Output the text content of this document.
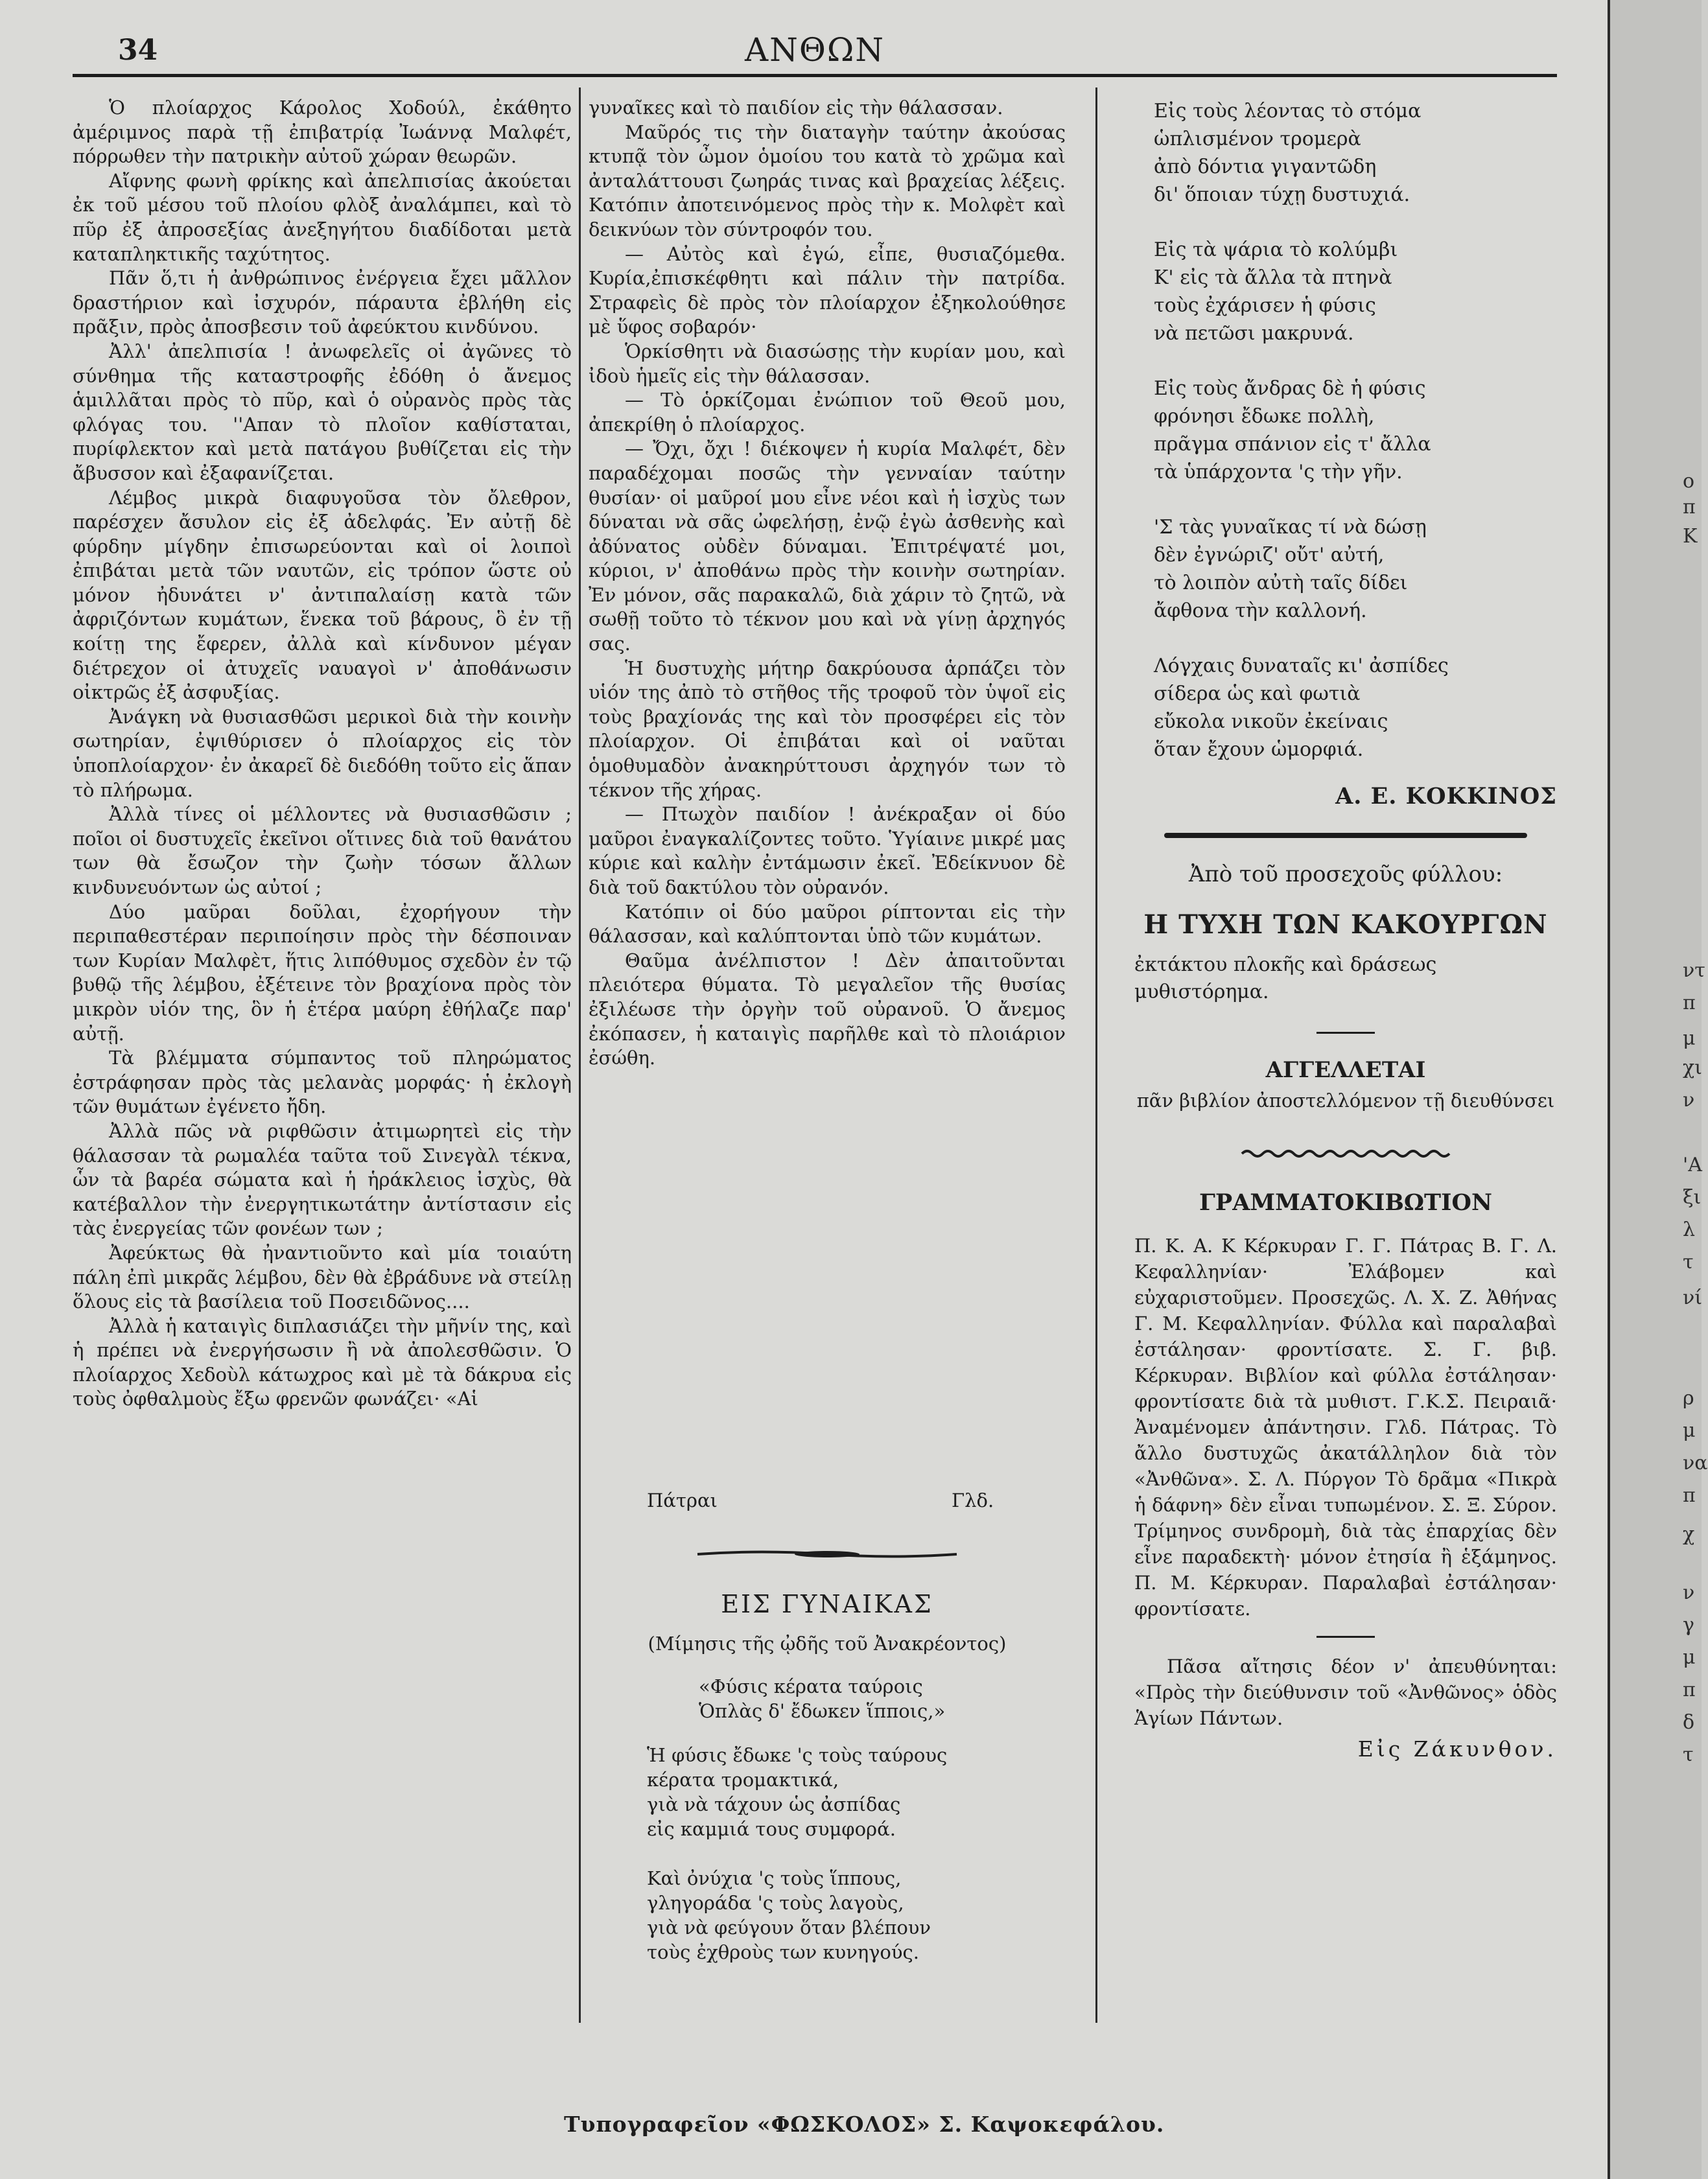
ο
π
Κ
ντ
π
μ
χι
ν
'Α
ξι
λ
τ
νί
ρ
μ
να
π
χ
ν
γ
μ
π
δ
τ
34	ΑΝΘΩΝ

Ὁ πλοίαρχος Κάρολος Χοδούλ, ἐκάθητο ἀμέριμνος παρὰ τῇ ἐπιβατρίᾳ Ἰωάννᾳ Μαλφέτ, πόρρωθεν τὴν πατρικὴν αὐτοῦ χώραν θεωρῶν.

Αἴφνης φωνὴ φρίκης καὶ ἀπελπισίας ἀκούεται ἐκ τοῦ μέσου τοῦ πλοίου φλὸξ ἀναλάμπει, καὶ τὸ πῦρ ἐξ ἀπροσεξίας ἀνεξηγήτου διαδίδοται μετὰ καταπληκτικῆς ταχύτητος.

Πᾶν ὅ,τι ἡ ἀνθρώπινος ἐνέργεια ἔχει μᾶλλον δραστήριον καὶ ἰσχυρόν, πάραυτα ἐβλήθη εἰς πρᾶξιν, πρὸς ἀποσβεσιν τοῦ ἀφεύκτου κινδύνου.

Ἀλλ' ἀπελπισία ! ἀνωφελεῖς οἱ ἀγῶνες τὸ σύνθημα τῆς καταστροφῆς ἐδόθη ὁ ἄνεμος ἁμιλλᾶται πρὸς τὸ πῦρ, καὶ ὁ οὐρανὸς πρὸς τὰς φλόγας του. ''Απαν τὸ πλοῖον καθίσταται, πυρίφλεκτον καὶ μετὰ πατάγου βυθίζεται εἰς τὴν ἄβυσσον καὶ ἐξαφανίζεται.

Λέμβος μικρὰ διαφυγοῦσα τὸν ὄλεθρον, παρέσχεν ἄσυλον εἰς ἐξ ἀδελφάς. Ἐν αὐτῇ δὲ φύρδην μίγδην ἐπισωρεύονται καὶ οἱ λοιποὶ ἐπιβάται μετὰ τῶν ναυτῶν, εἰς τρόπον ὥστε οὐ μόνον ἠδυνάτει ν' ἀντιπαλαίσῃ κατὰ τῶν ἀφριζόντων κυμάτων, ἕνεκα τοῦ βάρους, ὃ ἐν τῇ κοίτῃ της ἔφερεν, ἀλλὰ καὶ κίνδυνον μέγαν διέτρεχον οἱ ἀτυχεῖς ναυαγοὶ ν' ἀποθάνωσιν οἰκτρῶς ἐξ ἀσφυξίας.

Ἀνάγκη νὰ θυσιασθῶσι μερικοὶ διὰ τὴν κοινὴν σωτηρίαν, ἐψιθύρισεν ὁ πλοίαρχος εἰς τὸν ὑποπλοίαρχον· ἐν ἀκαρεῖ δὲ διεδόθη τοῦτο εἰς ἅπαν τὸ πλήρωμα.

Ἀλλὰ τίνες οἱ μέλλοντες νὰ θυσιασθῶσιν ; ποῖοι οἱ δυστυχεῖς ἐκεῖνοι οἵτινες διὰ τοῦ θανάτου των θὰ ἔσωζον τὴν ζωὴν τόσων ἄλλων κινδυνευόντων ὡς αὐτοί ;

Δύο μαῦραι δοῦλαι, ἐχορήγουν τὴν περιπαθεστέραν περιποίησιν πρὸς τὴν δέσποιναν των Κυρίαν Μαλφὲτ, ἥτις λιπόθυμος σχεδὸν ἐν τῷ βυθῷ τῆς λέμβου, ἐξέτεινε τὸν βραχίονα πρὸς τὸν μικρὸν υἱόν της, ὃν ἡ ἑτέρα μαύρη ἐθήλαζε παρ' αὐτῇ.

Τὰ βλέμματα σύμπαντος τοῦ πληρώματος ἐστράφησαν πρὸς τὰς μελανὰς μορφάς· ἡ ἐκλογὴ τῶν θυμάτων ἐγένετο ἤδη.

Ἀλλὰ πῶς νὰ ριφθῶσιν ἀτιμωρητεὶ εἰς τὴν θάλασσαν τὰ ρωμαλέα ταῦτα τοῦ Σινεγὰλ τέκνα, ὧν τὰ βαρέα σώματα καὶ ἡ ἡράκλειος ἰσχὺς, θὰ κατέβαλλον τὴν ἐνεργητικωτάτην ἀντίστασιν εἰς τὰς ἐνεργείας τῶν φονέων των ;

Ἀφεύκτως θὰ ἠναντιοῦντο καὶ μία τοιαύτη πάλη ἐπὶ μικρᾶς λέμβου, δὲν θὰ ἐβράδυνε νὰ στείλῃ ὅλους εἰς τὰ βασίλεια τοῦ Ποσειδῶνος....

Ἀλλὰ ἡ καταιγὶς διπλασιάζει τὴν μῆνίν της, καὶ ἡ πρέπει νὰ ἐνεργήσωσιν ἢ νὰ ἀπολεσθῶσιν. Ὁ πλοίαρχος Χεδοὺλ κάτωχρος καὶ μὲ τὰ δάκρυα εἰς τοὺς ὀφθαλμοὺς ἔξω φρενῶν φωνάζει· «Αἱ

γυναῖκες καὶ τὸ παιδίον εἰς τὴν θάλασσαν.

Μαῦρός τις τὴν διαταγὴν ταύτην ἀκούσας κτυπᾷ τὸν ὦμον ὁμοίου του κατὰ τὸ χρῶμα καὶ ἀνταλάττουσι ζωηράς τινας καὶ βραχείας λέξεις. Κατόπιν ἀποτεινόμενος πρὸς τὴν κ. Μολφὲτ καὶ δεικνύων τὸν σύντροφόν του.

— Αὐτὸς καὶ ἐγώ, εἶπε, θυσιαζόμεθα. Κυρία,ἐπισκέφθητι καὶ πάλιν τὴν πατρίδα. Στραφεὶς δὲ πρὸς τὸν πλοίαρχον ἐξηκολούθησε μὲ ὕφος σοβαρόν·

Ὁρκίσθητι νὰ διασώσῃς τὴν κυρίαν μου, καὶ ἰδοὺ ἡμεῖς εἰς τὴν θάλασσαν.

— Τὸ ὁρκίζομαι ἐνώπιον τοῦ Θεοῦ μου, ἀπεκρίθη ὁ πλοίαρχος.

— Ὄχι, ὄχι ! διέκοψεν ἡ κυρία Μαλφέτ, δὲν παραδέχομαι ποσῶς τὴν γενναίαν ταύτην θυσίαν· οἱ μαῦροί μου εἶνε νέοι καὶ ἡ ἰσχὺς των δύναται νὰ σᾶς ὠφελήσῃ, ἐνῷ ἐγὼ ἀσθενὴς καὶ ἀδύνατος οὐδὲν δύναμαι. Ἐπιτρέψατέ μοι, κύριοι, ν' ἀποθάνω πρὸς τὴν κοινὴν σωτηρίαν. Ἐν μόνον, σᾶς παρακαλῶ, διὰ χάριν τὸ ζητῶ, νὰ σωθῇ τοῦτο τὸ τέκνον μου καὶ νὰ γίνῃ ἀρχηγός σας.

Ἡ δυστυχὴς μήτηρ δακρύουσα ἁρπάζει τὸν υἱόν της ἀπὸ τὸ στῆθος τῆς τροφοῦ τὸν ὑψοῖ εἰς τοὺς βραχίονάς της καὶ τὸν προσφέρει εἰς τὸν πλοίαρχον. Οἱ ἐπιβάται καὶ οἱ ναῦται ὁμοθυμαδὸν ἀνακηρύττουσι ἀρχηγόν των τὸ τέκνον τῆς χήρας.

— Πτωχὸν παιδίον ! ἀνέκραξαν οἱ δύο μαῦροι ἐναγκαλίζοντες τοῦτο. Ὑγίαινε μικρέ μας κύριε καὶ καλὴν ἐντάμωσιν ἐκεῖ. Ἐδείκνυον δὲ διὰ τοῦ δακτύλου τὸν οὐρανόν.

Κατόπιν οἱ δύο μαῦροι ρίπτονται εἰς τὴν θάλασσαν, καὶ καλύπτονται ὑπὸ τῶν κυμάτων.

Θαῦμα ἀνέλπιστον ! Δὲν ἀπαιτοῦνται πλειότερα θύματα. Τὸ μεγαλεῖον τῆς θυσίας ἐξιλέωσε τὴν ὀργὴν τοῦ οὐρανοῦ. Ὁ ἄνεμος ἐκόπασεν, ἡ καταιγὶς παρῆλθε καὶ τὸ πλοιάριον ἐσώθη.

Πάτραι	Γλδ.
ΕΙΣ ΓΥΝΑΙΚΑΣ
(Μίμησις τῆς ᾠδῆς τοῦ Ἀνακρέοντος)
«Φύσις κέρατα ταύροις
Ὁπλὰς δ' ἔδωκεν ἵπποις,»
Ἡ φύσις ἔδωκε 'ς τοὺς ταύρους
κέρατα τρομακτικά,
γιὰ νὰ τάχουν ὡς ἀσπίδας
εἰς καμμιά τους συμφορά.
Καὶ ὀνύχια 'ς τοὺς ἵππους,
γληγοράδα 'ς τοὺς λαγοὺς,
γιὰ νὰ φεύγουν ὅταν βλέπουν
τοὺς ἐχθροὺς των κυνηγούς.
Εἰς τοὺς λέοντας τὸ στόμα
ὡπλισμένον τρομερὰ
ἀπὸ δόντια γιγαντῶδη
δι' ὅποιαν τύχῃ δυστυχιά.
Εἰς τὰ ψάρια τὸ κολύμβι
Κ' εἰς τὰ ἄλλα τὰ πτηνὰ
τοὺς ἐχάρισεν ἡ φύσις
νὰ πετῶσι μακρυνά.
Εἰς τοὺς ἄνδρας δὲ ἡ φύσις
φρόνησι ἔδωκε πολλὴ,
πρᾶγμα σπάνιον εἰς τ' ἄλλα
τὰ ὑπάρχοντα 'ς τὴν γῆν.
'Σ τὰς γυναῖκας τί νὰ δώσῃ
δὲν ἐγνώριζ' οὔτ' αὐτή,
τὸ λοιπὸν αὐτὴ ταῖς δίδει
ἄφθονα τὴν καλλονή.
Λόγχαις δυναταῖς κι' ἀσπίδες
σίδερα ὡς καὶ φωτιὰ
εὔκολα νικοῦν ἐκείναις
ὅταν ἔχουν ὡμορφιά.
Α. Ε. ΚΟΚΚΙΝΟΣ
Ἀπὸ τοῦ προσεχοῦς φύλλου:
Η ΤΥΧΗ ΤΩΝ ΚΑΚΟΥΡΓΩΝ
ἐκτάκτου πλοκῆς καὶ δράσεως μυθιστόρημα.
ΑΓΓΕΛΛΕΤΑΙ
πᾶν βιβλίον ἀποστελλόμενον τῇ διευθύνσει
ΓΡΑΜΜΑΤΟΚΙΒΩΤΙΟΝ
Π. Κ. Α. Κ Κέρκυραν Γ. Γ. Πάτρας Β. Γ. Λ. Κεφαλληνίαν· Ἐλάβομεν καὶ εὐχαριστοῦμεν. Προσεχῶς. Λ. Χ. Ζ. Ἀθήνας Γ. Μ. Κεφαλληνίαν. Φύλλα καὶ παραλαβαὶ ἐστάλησαν· φροντίσατε. Σ. Γ. βιβ. Κέρκυραν. Βιβλίον καὶ φύλλα ἐστάλησαν· φροντίσατε διὰ τὰ μυθιστ. Γ.Κ.Σ. Πειραιᾶ· Ἀναμένομεν ἀπάντησιν. Γλδ. Πάτρας. Τὸ ἄλλο δυστυχῶς ἀκατάλληλον διὰ τὸν «Ἀνθῶνα». Σ. Λ. Πύργον Τὸ δρᾶμα «Πικρὰ ἡ δάφνη» δὲν εἶναι τυπωμένον. Σ. Ξ. Σύρον. Τρίμηνος συνδρομὴ, διὰ τὰς ἐπαρχίας δὲν εἶνε παραδεκτὴ· μόνον ἐτησία ἢ ἑξάμηνος. Π. Μ. Κέρκυραν. Παραλαβαὶ ἐστάλησαν· φροντίσατε.
Πᾶσα αἴτησις δέον ν' ἀπευθύνηται: «Πρὸς τὴν διεύθυνσιν τοῦ «Ἀνθῶνος» ὁδὸς Ἁγίων Πάντων.
Εἰς Ζάκυνθον.
Τυπογραφεῖον «ΦΩΣΚΟΛΟΣ» Σ. Καψοκεφάλου.
